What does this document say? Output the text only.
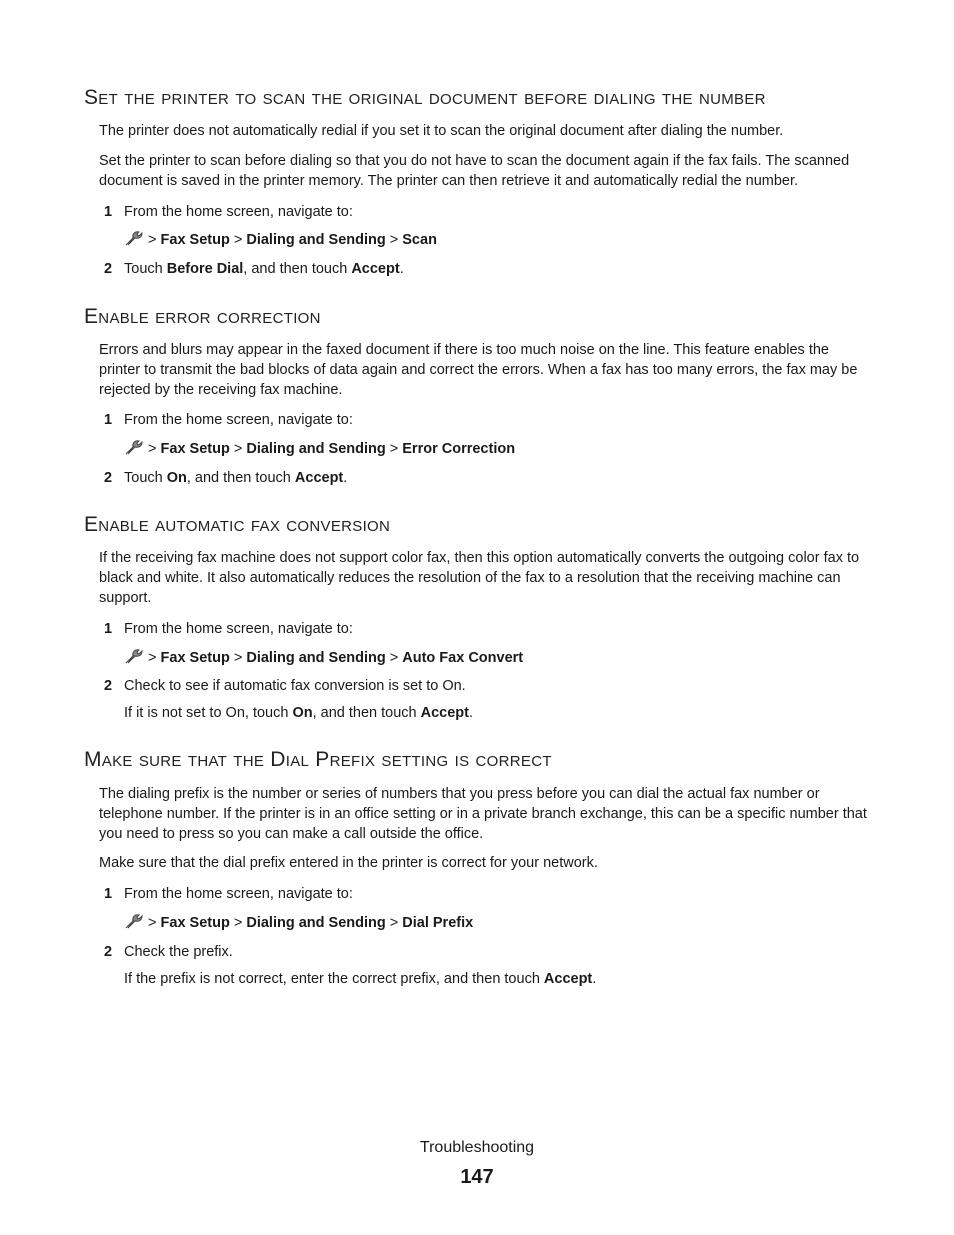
Set the printer to scan the original document before dialing the number

The printer does not automatically redial if you set it to scan the original document after dialing the number.

Set the printer to scan before dialing so that you do not have to scan the document again if the fax fails. The scanned document is saved in the printer memory. The printer can then retrieve it and automatically redial the number.

1 From the home screen, navigate to:
> Fax Setup > Dialing and Sending > Scan
2 Touch Before Dial, and then touch Accept.
Enable error correction

Errors and blurs may appear in the faxed document if there is too much noise on the line. This feature enables the printer to transmit the bad blocks of data again and correct the errors. When a fax has too many errors, the fax may be rejected by the receiving fax machine.

1 From the home screen, navigate to:
> Fax Setup > Dialing and Sending > Error Correction
2 Touch On, and then touch Accept.
Enable automatic fax conversion

If the receiving fax machine does not support color fax, then this option automatically converts the outgoing color fax to black and white. It also automatically reduces the resolution of the fax to a resolution that the receiving machine can support.

1 From the home screen, navigate to:
> Fax Setup > Dialing and Sending > Auto Fax Convert
2 Check to see if automatic fax conversion is set to On.
If it is not set to On, touch On, and then touch Accept.
Make sure that the Dial Prefix setting is correct

The dialing prefix is the number or series of numbers that you press before you can dial the actual fax number or telephone number. If the printer is in an office setting or in a private branch exchange, this can be a specific number that you need to press so you can make a call outside the office.

Make sure that the dial prefix entered in the printer is correct for your network.

1 From the home screen, navigate to:
> Fax Setup > Dialing and Sending > Dial Prefix
2 Check the prefix.
If the prefix is not correct, enter the correct prefix, and then touch Accept.
Troubleshooting
147
